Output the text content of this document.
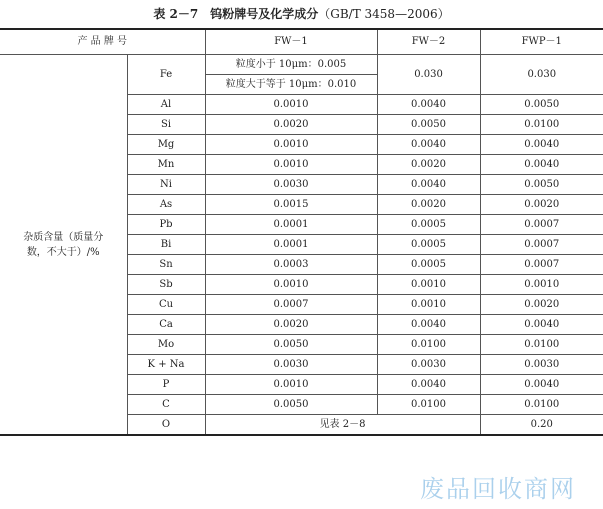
表 2－7　钨粉牌号及化学成分（GB/T 3458—2006）
产 品 牌 号		FW－1	FW－2	FWP－1
杂质含量（质量分数，不大于）/%	Fe	粒度小于 10μm：0.005	0.030	0.030
		粒度大于等于 10μm：0.010		
	Al	0.0010	0.0040	0.0050
	Si	0.0020	0.0050	0.0100
	Mg	0.0010	0.0040	0.0040
	Mn	0.0010	0.0020	0.0040
	Ni	0.0030	0.0040	0.0050
	As	0.0015	0.0020	0.0020
	Pb	0.0001	0.0005	0.0007
	Bi	0.0001	0.0005	0.0007
	Sn	0.0003	0.0005	0.0007
	Sb	0.0010	0.0010	0.0010
	Cu	0.0007	0.0010	0.0020
	Ca	0.0020	0.0040	0.0040
	Mo	0.0050	0.0100	0.0100
	K + Na	0.0030	0.0030	0.0030
	P	0.0010	0.0040	0.0040
	C	0.0050	0.0100	0.0100
	O	见表 2－8		0.20
废品回收商网
